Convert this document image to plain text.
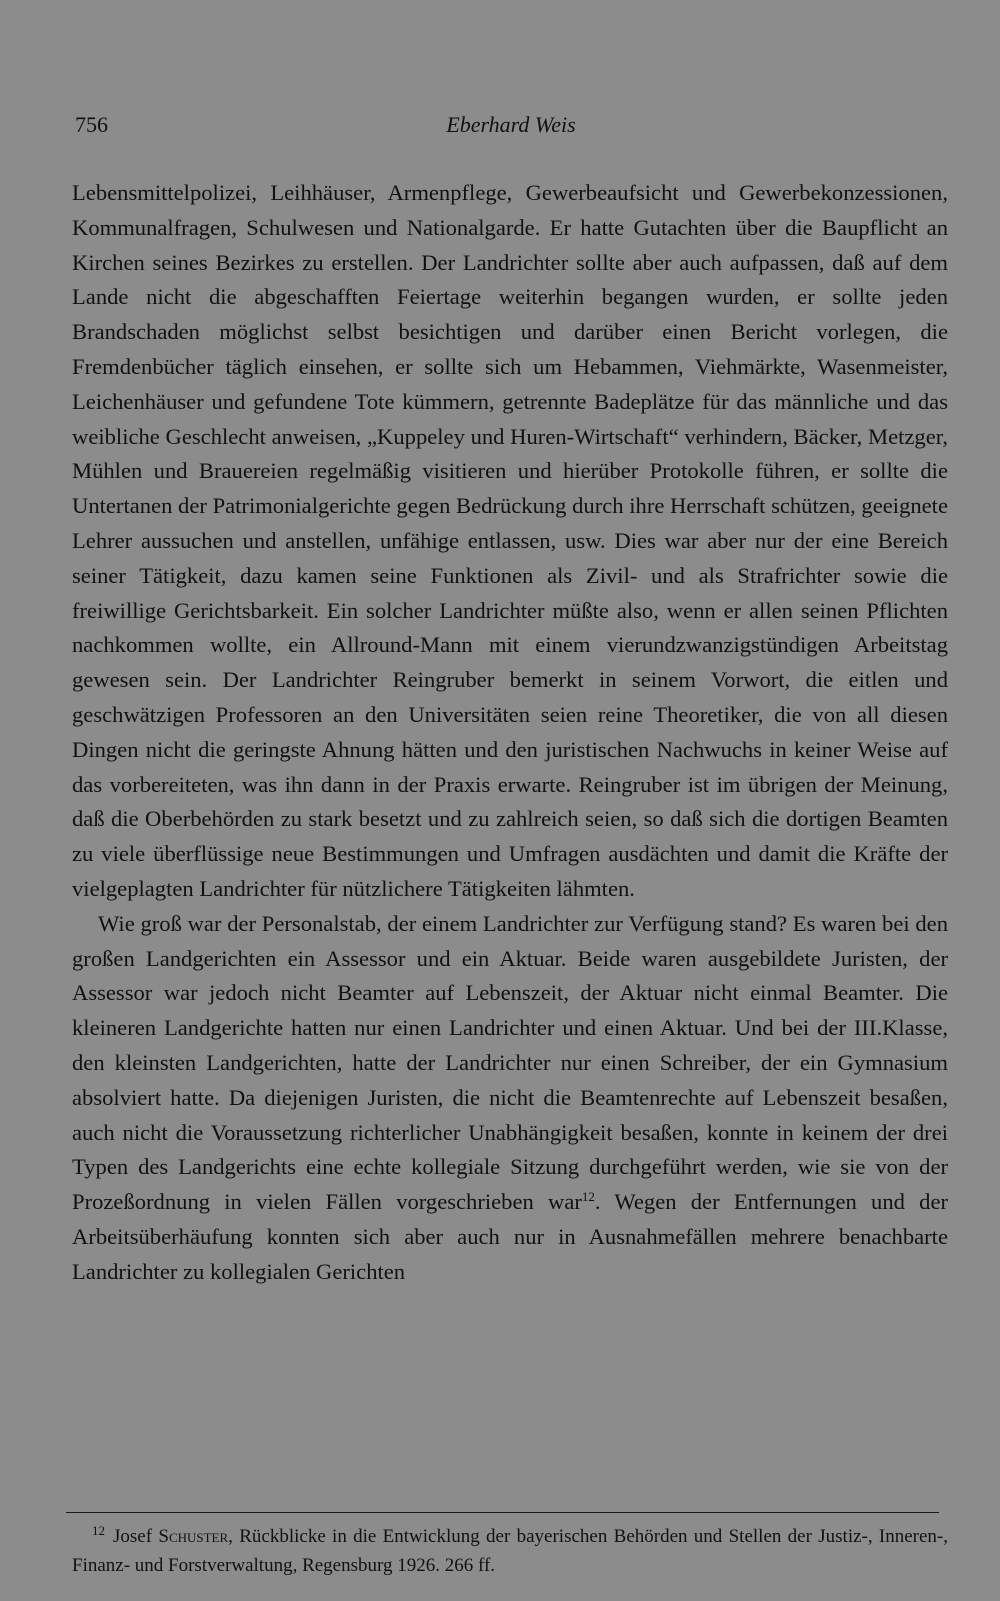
756	Eberhard Weis

Lebensmittelpolizei, Leihhäuser, Armenpflege, Gewerbeaufsicht und Gewerbekonzessionen, Kommunalfragen, Schulwesen und Nationalgarde. Er hatte Gutachten über die Baupflicht an Kirchen seines Bezirkes zu erstellen. Der Landrichter sollte aber auch aufpassen, daß auf dem Lande nicht die abgeschafften Feiertage weiterhin begangen wurden, er sollte jeden Brandschaden möglichst selbst besichtigen und darüber einen Bericht vorlegen, die Fremdenbücher täglich einsehen, er sollte sich um Hebammen, Viehmärkte, Wasenmeister, Leichenhäuser und gefundene Tote kümmern, getrennte Badeplätze für das männliche und das weibliche Geschlecht anweisen, „Kuppeley und Huren-Wirtschaft“ verhindern, Bäcker, Metzger, Mühlen und Brauereien regelmäßig visitieren und hierüber Protokolle führen, er sollte die Untertanen der Patrimonialgerichte gegen Bedrückung durch ihre Herrschaft schützen, geeignete Lehrer aussuchen und anstellen, unfähige entlassen, usw. Dies war aber nur der eine Bereich seiner Tätigkeit, dazu kamen seine Funktionen als Zivil- und als Strafrichter sowie die freiwillige Gerichtsbarkeit. Ein solcher Landrichter müßte also, wenn er allen seinen Pflichten nachkommen wollte, ein Allround-Mann mit einem vierundzwanzigstündigen Arbeitstag gewesen sein. Der Landrichter Reingruber bemerkt in seinem Vorwort, die eitlen und geschwätzigen Professoren an den Universitäten seien reine Theoretiker, die von all diesen Dingen nicht die geringste Ahnung hätten und den juristischen Nachwuchs in keiner Weise auf das vorbereiteten, was ihn dann in der Praxis erwarte. Reingruber ist im übrigen der Meinung, daß die Oberbehörden zu stark besetzt und zu zahlreich seien, so daß sich die dortigen Beamten zu viele überflüssige neue Bestimmungen und Umfragen ausdächten und damit die Kräfte der vielgeplagten Landrichter für nützlichere Tätigkeiten lähmten.

Wie groß war der Personalstab, der einem Landrichter zur Verfügung stand? Es waren bei den großen Landgerichten ein Assessor und ein Aktuar. Beide waren ausgebildete Juristen, der Assessor war jedoch nicht Beamter auf Lebenszeit, der Aktuar nicht einmal Beamter. Die kleineren Landgerichte hatten nur einen Landrichter und einen Aktuar. Und bei der III.Klasse, den kleinsten Landgerichten, hatte der Landrichter nur einen Schreiber, der ein Gymnasium absolviert hatte. Da diejenigen Juristen, die nicht die Beamtenrechte auf Lebenszeit besaßen, auch nicht die Voraussetzung richterlicher Unabhängigkeit besaßen, konnte in keinem der drei Typen des Landgerichts eine echte kollegiale Sitzung durchgeführt werden, wie sie von der Prozeßordnung in vielen Fällen vorgeschrieben war$^{12}$. Wegen der Entfernungen und der Arbeitsüberhäufung konnten sich aber auch nur in Ausnahmefällen mehrere benachbarte Landrichter zu kollegialen Gerichten

$^{12}$ Josef Schuster, Rückblicke in die Entwicklung der bayerischen Behörden und Stellen der Justiz-, Inneren-, Finanz- und Forstverwaltung, Regensburg 1926. 266 ff.
